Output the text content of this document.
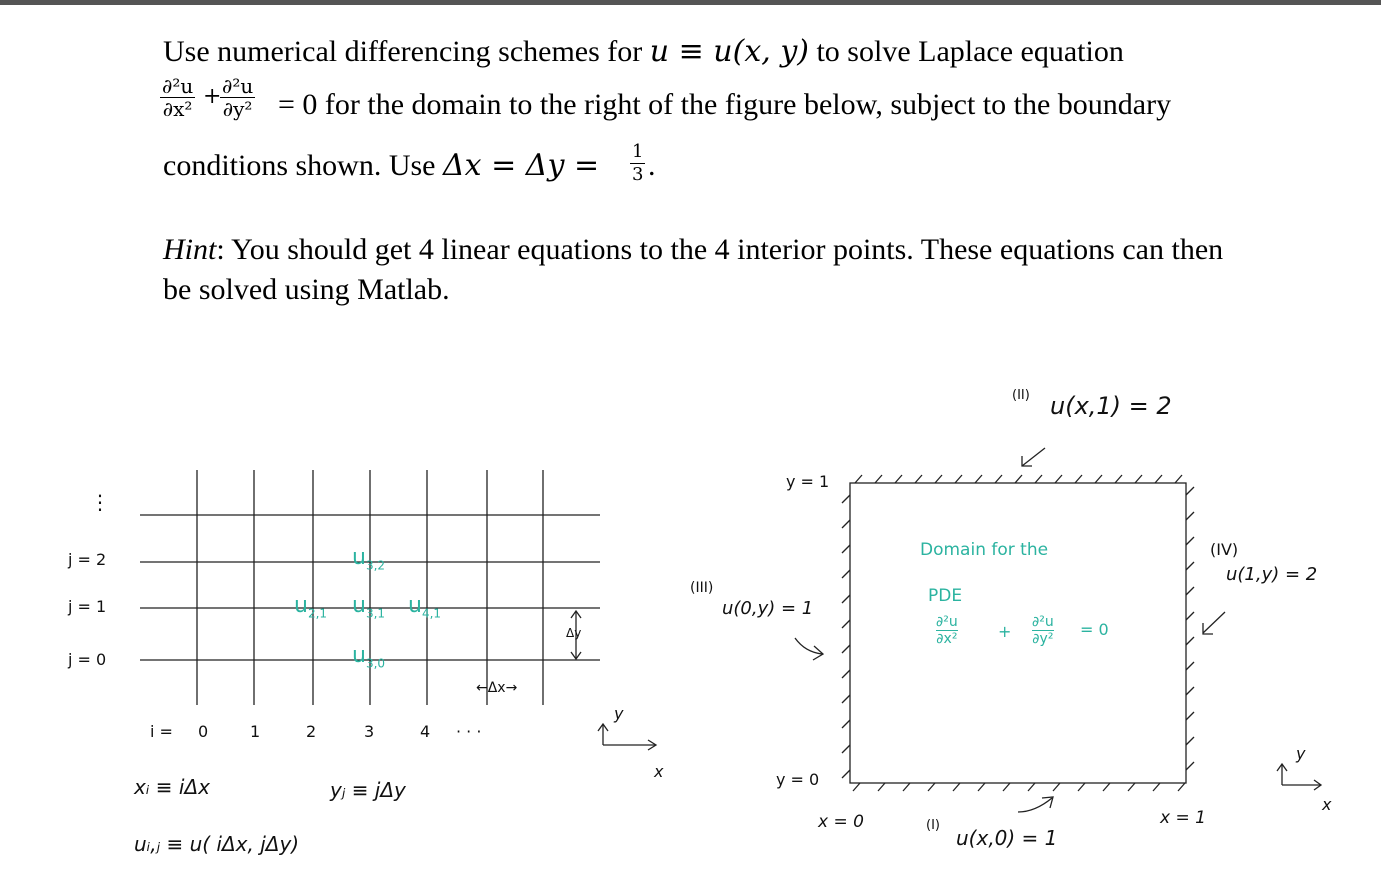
Use numerical differencing schemes for u ≡ u(x, y) to solve Laplace equation
$\frac{\text{∂²u}}{\text{∂x²}}$ +
$\frac{\text{∂²u}}{\text{∂y²}} = 0$ for the domain to the right of the figure below, subject to the boundary
conditions shown. Use $\Delta x = \Delta y = \frac{1}{3}$ .
Hint: You should get 4 linear equations to the 4 interior points. These equations can then
be solved using Matlab.
⋮
j = 2
j = 1
j = 0
i = 0	1	2	3	4 · · ·
$u_{3,2}$
$u_{2,1}$ $u_{3,1}$ $u_{4,1}$
$u_{3,0}$
Δy
←Δx→
y
x
xᵢ ≡ iΔx	yⱼ ≡ jΔy
uᵢ,ⱼ ≡ u( iΔx, jΔy)
(II) u(x,1) = 2
y = 1
y = 0
(III)
u(0,y) = 1
(IV)
u(1,y) = 2
(I)
u(x,0) = 1
x = 0	x = 1
Domain for the
PDE
∂²u
∂x²	+ ∂²u
∂y² = 0
y
x
